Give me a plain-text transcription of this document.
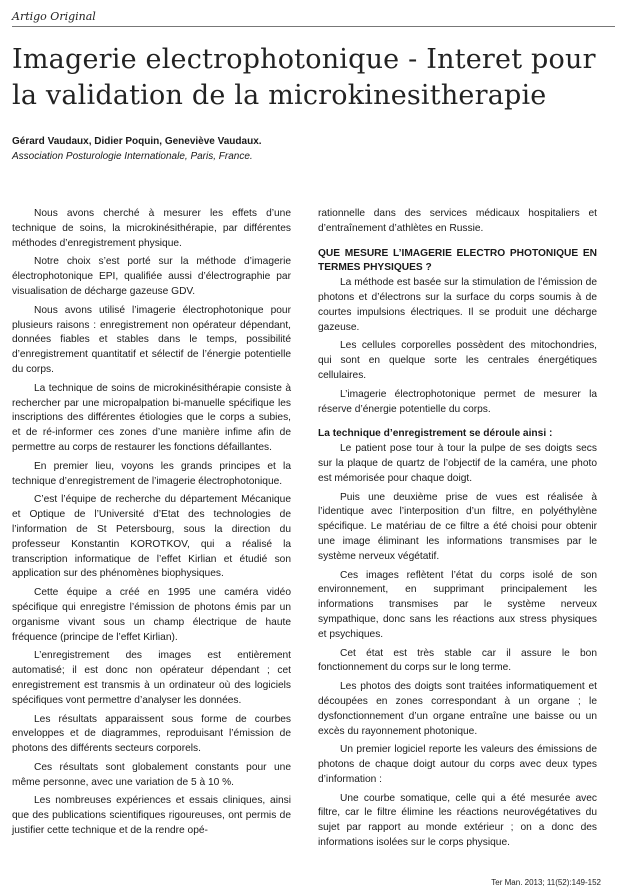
Artigo Original
Imagerie electrophotonique - Interet pour la validation de la microkinesitherapie
Gérard Vaudaux, Didier Poquin, Geneviève Vaudaux.
Association Posturologie Internationale, Paris, France.

Nous avons cherché à mesurer les effets d’une technique de soins, la microkinésithérapie, par différentes méthodes d’enregistrement physique.

Notre choix s’est porté sur la méthode d’imagerie électrophotonique EPI, qualifiée aussi d’électrographie par visualisation de décharge gazeuse GDV.

Nous avons utilisé l’imagerie électrophotonique pour plusieurs raisons : enregistrement non opérateur dépendant, données fiables et stables dans le temps, possibilité d’enregistrement quantitatif et sélectif de l’énergie potentielle du corps.

La technique de soins de microkinésithérapie consiste à rechercher par une micropalpation bi-manuelle spécifique les inscriptions des différentes étiologies que le corps a subies, et de ré-informer ces zones d’une manière infime afin de permettre au corps de restaurer les fonctions défaillantes.

En premier lieu, voyons les grands principes et la technique d’enregistrement de l’imagerie électrophotonique.

C’est l’équipe de recherche du département Mécanique et Optique de l’Université d’Etat des technologies de l’information de St Petersbourg, sous la direction du professeur Konstantin KOROTKOV, qui a réalisé la transcription informatique de l’effet Kirlian et étudié son application sur des phénomènes biophysiques.

Cette équipe a créé en 1995 une caméra vidéo spécifique qui enregistre l’émission de photons émis par un organisme vivant sous un champ électrique de haute fréquence (principe de l’effet Kirlian).

L’enregistrement des images est entièrement automatisé; il est donc non opérateur dépendant ; cet enregistrement est transmis à un ordinateur où des logiciels spécifiques vont permettre d’analyser les données.

Les résultats apparaissent sous forme de courbes enveloppes et de diagrammes, reproduisant l’émission de photons des différents secteurs corporels.

Ces résultats sont globalement constants pour une même personne, avec une variation de 5 à 10 %.

Les nombreuses expériences et essais cliniques, ainsi que des publications scientifiques rigoureuses, ont permis de justifier cette technique et de la rendre opé-

rationnelle dans des services médicaux hospitaliers et d’entraînement d’athlètes en Russie.

QUE MESURE L’IMAGERIE ELECTRO PHOTONIQUE EN TERMES PHYSIQUES ?

La méthode est basée sur la stimulation de l’émission de photons et d’électrons sur la surface du corps soumis à de courtes impulsions électriques. Il se produit une décharge gazeuse.

Les cellules corporelles possèdent des mitochondries, qui sont en quelque sorte les centrales énergétiques cellulaires.

L’imagerie électrophotonique permet de mesurer la réserve d’énergie potentielle du corps.

La technique d’enregistrement se déroule ainsi :

Le patient pose tour à tour la pulpe de ses doigts secs sur la plaque de quartz de l’objectif de la caméra, une photo est mémorisée pour chaque doigt.

Puis une deuxième prise de vues est réalisée à l’identique avec l’interposition d’un filtre, en polyéthylène spécifique. Le matériau de ce filtre a été choisi pour obtenir une image éliminant les informations transmises par le système nerveux végétatif.

Ces images reflètent l’état du corps isolé de son environnement, en supprimant principalement les informations transmises par le système nerveux sympathique, donc sans les réactions aux stress physiques et psychiques.

Cet état est très stable car il assure le bon fonctionnement du corps sur le long terme.

Les photos des doigts sont traitées informatiquement et découpées en zones correspondant à un organe ; le dysfonctionnement d’un organe entraîne une baisse ou un excès du rayonnement photonique.

Un premier logiciel reporte les valeurs des émissions de photons de chaque doigt autour du corps avec deux types d’information :

Une courbe somatique, celle qui a été mesurée avec filtre, car le filtre élimine les réactions neurovégétatives du sujet par rapport au monde extérieur ; on a donc des informations isolées sur le corps physique.

Ter Man. 2013; 11(52):149-152
